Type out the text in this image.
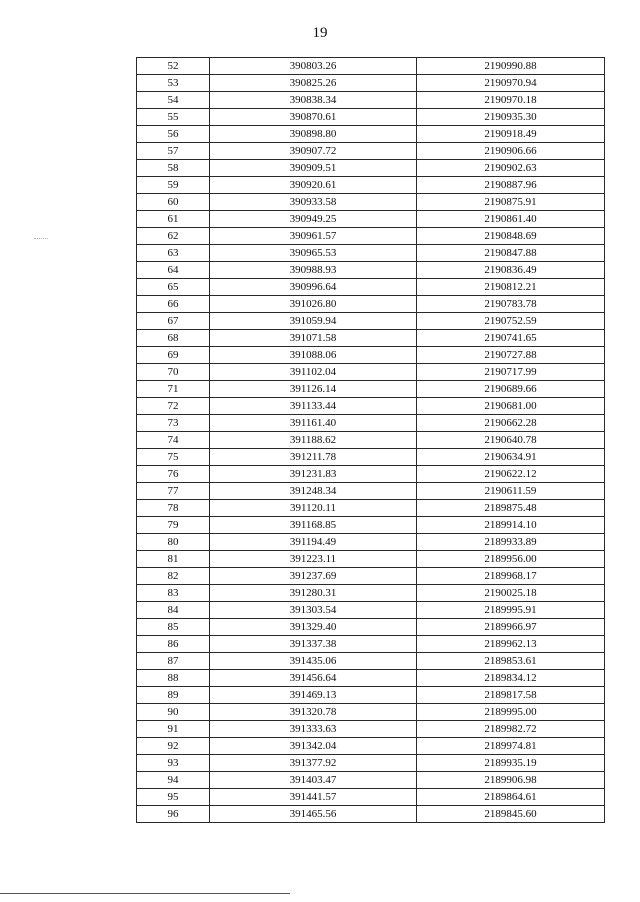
19
52	390803.26	2190990.88
53	390825.26	2190970.94
54	390838.34	2190970.18
55	390870.61	2190935.30
56	390898.80	2190918.49
57	390907.72	2190906.66
58	390909.51	2190902.63
59	390920.61	2190887.96
60	390933.58	2190875.91
61	390949.25	2190861.40
62	390961.57	2190848.69
63	390965.53	2190847.88
64	390988.93	2190836.49
65	390996.64	2190812.21
66	391026.80	2190783.78
67	391059.94	2190752.59
68	391071.58	2190741.65
69	391088.06	2190727.88
70	391102.04	2190717.99
71	391126.14	2190689.66
72	391133.44	2190681.00
73	391161.40	2190662.28
74	391188.62	2190640.78
75	391211.78	2190634.91
76	391231.83	2190622.12
77	391248.34	2190611.59
78	391120.11	2189875.48
79	391168.85	2189914.10
80	391194.49	2189933.89
81	391223.11	2189956.00
82	391237.69	2189968.17
83	391280.31	2190025.18
84	391303.54	2189995.91
85	391329.40	2189966.97
86	391337.38	2189962.13
87	391435.06	2189853.61
88	391456.64	2189834.12
89	391469.13	2189817.58
90	391320.78	2189995.00
91	391333.63	2189982.72
92	391342.04	2189974.81
93	391377.92	2189935.19
94	391403.47	2189906.98
95	391441.57	2189864.61
96	391465.56	2189845.60
